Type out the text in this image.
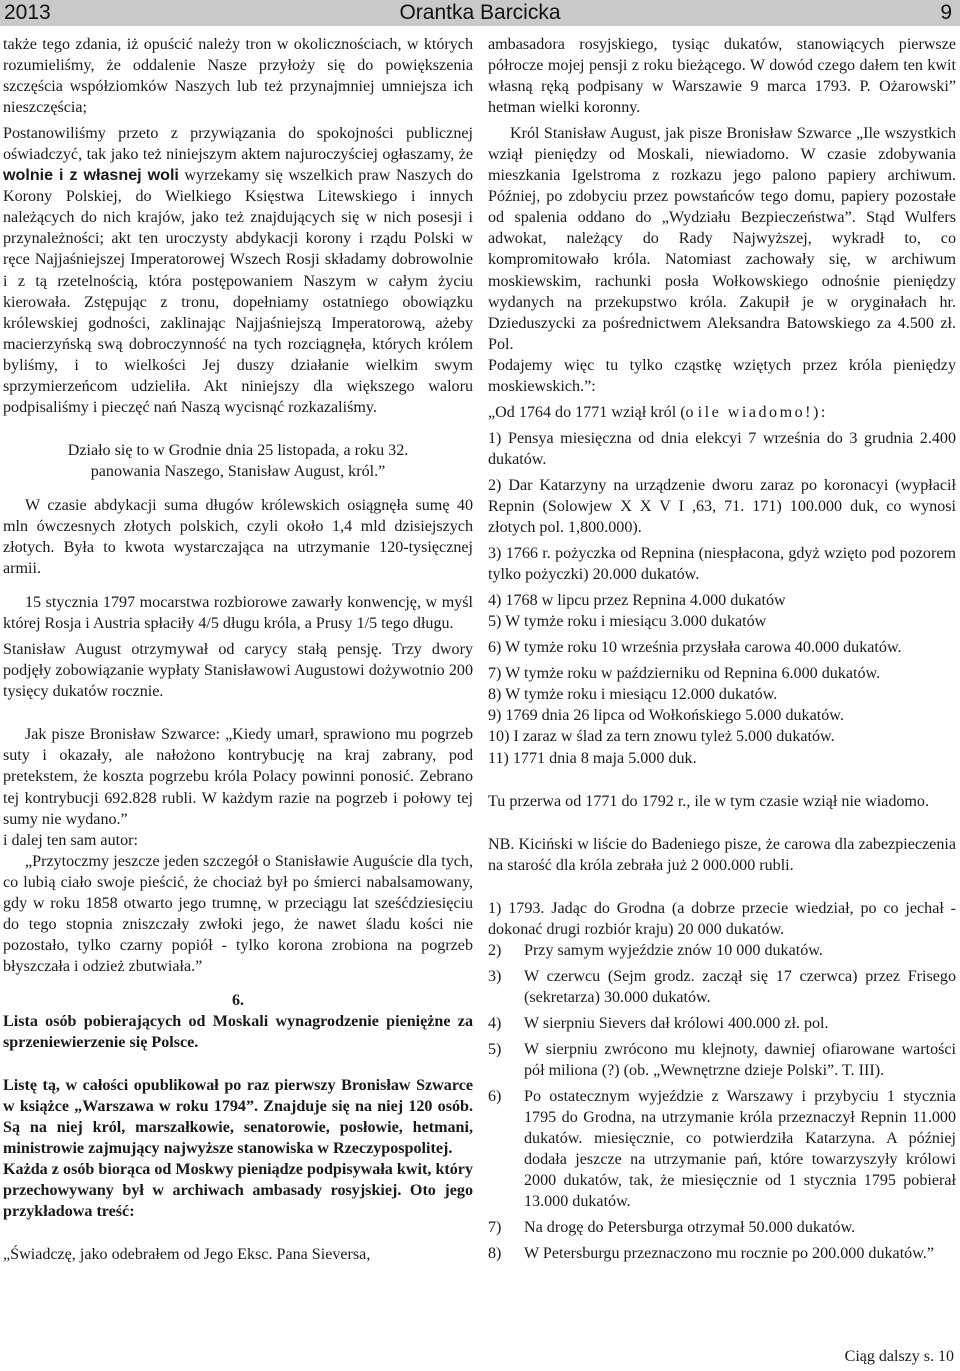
Orantka Barcicka
2013	9

także tego zdania, iż opuścić należy tron w okolicznościach, w których rozumieliśmy, że oddalenie Nasze przyłoży się do powiększenia szczęścia współziomków Naszych lub też przynajmniej umniejsza ich nieszczęścia;

Postanowiliśmy przeto z przywiązania do spokojności publicznej oświadczyć, tak jako też niniejszym aktem najuroczyściej ogłaszamy, że wolnie i z własnej woli wyrzekamy się wszelkich praw Naszych do Korony Polskiej, do Wielkiego Księstwa Litewskiego i innych należących do nich krajów, jako też znajdujących się w nich posesji i przynależności; akt ten uroczysty abdykacji korony i rządu Polski w ręce Najjaśniejszej Imperatorowej Wszech Rosji składamy dobrowolnie i z tą rzetelnością, która postępowaniem Naszym w całym życiu kierowała. Zstępując z tronu, dopełniamy ostatniego obowiązku królewskiej godności, zaklinając Najjaśniejszą Imperatorową, ażeby macierzyńską swą dobroczynność na tych rozciągnęła, których królem byliśmy, i to wielkości Jej duszy działanie wielkim swym sprzymierzeńcom udzieliła. Akt niniejszy dla większego waloru podpisaliśmy i pieczęć nań Naszą wycisnąć rozkazaliśmy.

Działo się to w Grodnie dnia 25 listopada, a roku 32.

panowania Naszego, Stanisław August, król.”

W czasie abdykacji suma długów królewskich osiągnęła sumę 40 mln ówczesnych złotych polskich, czyli około 1,4 mld dzisiejszych złotych. Była to kwota wystarczająca na utrzymanie 120-tysięcznej armii.

15 stycznia 1797 mocarstwa rozbiorowe zawarły konwencję, w myśl której Rosja i Austria spłaciły 4/5 długu króla, a Prusy 1/5 tego długu.

Stanisław August otrzymywał od carycy stałą pensję. Trzy dwory podjęły zobowiązanie wypłaty Stanisławowi Augustowi dożywotnio 200 tysięcy dukatów rocznie.

Jak pisze Bronisław Szwarce: „Kiedy umarł, sprawiono mu pogrzeb suty i okazały, ale nałożono kontrybucję na kraj zabrany, pod pretekstem, że koszta pogrzebu króla Polacy powinni ponosić. Zebrano tej kontrybucji 692.828 rubli. W każdym razie na pogrzeb i połowy tej sumy nie wydano.”

i dalej ten sam autor:

„Przytoczmy jeszcze jeden szczegół o Stanisławie Auguście dla tych, co lubią ciało swoje pieścić, że chociaż był po śmierci nabalsamowany, gdy w roku 1858 otwarto jego trumnę, w przeciągu lat sześćdziesięciu do tego stopnia zniszczały zwłoki jego, że nawet śladu kości nie pozostało, tylko czarny popiół - tylko korona zrobiona na pogrzeb błyszczała i odzież zbutwiała.”

6.

Lista osób pobierających od Moskali wynagrodzenie pieniężne za sprzeniewierzenie się Polsce.

Listę tą, w całości opublikował po raz pierwszy Bronisław Szwarce w książce „Warszawa w roku 1794”. Znajduje się na niej 120 osób. Są na niej król, marszałkowie, senatorowie, posłowie, hetmani, ministrowie zajmujący najwyższe stanowiska w Rzeczypospolitej.

Każda z osób biorąca od Moskwy pieniądze podpisywała kwit, który przechowywany był w archiwach ambasady rosyjskiej. Oto jego przykładowa treść:

„Świadczę, jako odebrałem od Jego Eksc. Pana Sieversa,

ambasadora rosyjskiego, tysiąc dukatów, stanowiących pierwsze półrocze mojej pensji z roku bieżącego. W dowód czego dałem ten kwit własną ręką podpisany w Warszawie 9 marca 1793. P. Ożarowski” hetman wielki koronny.

Król Stanisław August, jak pisze Bronisław Szwarce „Ile wszystkich wziął pieniędzy od Moskali, niewiadomo. W czasie zdobywania mieszkania Igelstroma z rozkazu jego palono papiery archiwum. Później, po zdobyciu przez powstańców tego domu, papiery pozostałe od spalenia oddano do „Wydziału Bezpieczeństwa”. Stąd Wulfers adwokat, należący do Rady Najwyższej, wykradł to, co kompromitowało króla. Natomiast zachowały się, w archiwum moskiewskim, rachunki posła Wołkowskiego odnośnie pieniędzy wydanych na przekupstwo króla. Zakupił je w oryginałach hr. Dzieduszycki za pośrednictwem Aleksandra Batowskiego za 4.500 zł. Pol.

Podajemy więc tu tylko cząstkę wziętych przez króla pieniędzy moskiewskich.”:

„Od 1764 do 1771 wziął król (o ile wiadomo!):

1) Pensya miesięczna od dnia elekcyi 7 września do 3 grudnia 2.400 dukatów.

2) Dar Katarzyny na urządzenie dworu zaraz po koronacyi (wypłacił Repnin (Solowjew X X V I ,63, 71. 171) 100.000 duk, co wynosi złotych pol. 1,800.000).

3) 1766 r. pożyczka od Repnina (niespłacona, gdyż wzięto pod pozorem tylko pożyczki) 20.000 dukatów.

4) 1768 w lipcu przez Repnina 4.000 dukatów

5) W tymże roku i miesiącu 3.000 dukatów

6) W tymże roku 10 września przysłała carowa 40.000 dukatów.

7) W tymże roku w październiku od Repnina 6.000 dukatów.

8) W tymże roku i miesiącu 12.000 dukatów.

9) 1769 dnia 26 lipca od Wołkońskiego 5.000 dukatów.

10) I zaraz w ślad za tern znowu tyleż 5.000 dukatów.

11) 1771 dnia 8 maja 5.000 duk.

Tu przerwa od 1771 do 1792 r., ile w tym czasie wziął nie wiadomo.

NB. Kiciński w liście do Badeniego pisze, że carowa dla zabezpieczenia na starość dla króla zebrała już 2 000.000 rubli.

1) 1793. Jadąc do Grodna (a dobrze przecie wiedział, po co jechał - dokonać drugi rozbiór kraju) 20 000 dukatów.

2)	Przy samym wyjeździe znów 10 000 dukatów.
3)	W czerwcu (Sejm grodz. zaczął się 17 czerwca) przez Frisego (sekretarza) 30.000 dukatów.
4)	W sierpniu Sievers dał królowi 400.000 zł. pol.
5)	W sierpniu zwrócono mu klejnoty, dawniej ofiarowane wartości pół miliona (?) (ob. „Wewnętrzne dzieje Polski”. T. III).
6)	Po ostatecznym wyjeździe z Warszawy i przybyciu 1 stycznia 1795 do Grodna, na utrzymanie króla przeznaczył Repnin 11.000 dukatów. miesięcznie, co potwierdziła Katarzyna. A później dodała jeszcze na utrzymanie pań, które towarzyszyły królowi 2000 dukatów, tak, że miesięcznie od 1 stycznia 1795 pobierał 13.000 dukatów.
7)	Na drogę do Petersburga otrzymał 50.000 dukatów.
8)	W Petersburgu przeznaczono mu rocznie po 200.000 dukatów.”
Ciąg dalszy s. 10
